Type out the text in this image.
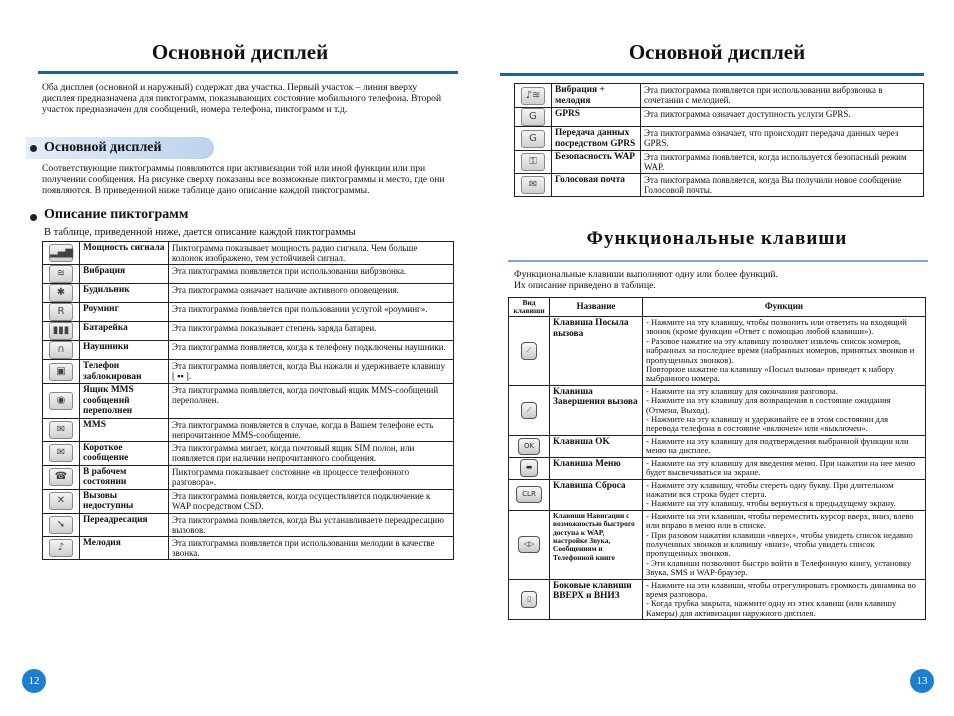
Основной дисплей
Оба дисплея (основной и наружный) содержат два участка. Первый участок – линия вверху дисплея предназначена для пиктограмм, показывающих состояние мобильного телефона. Второй участок предназначен для сообщений, номера телефона, пиктограмм и т.д.
Основной дисплей
Соответствующие пиктограммы появляются при активизации той или иной функции или при получении сообщения. На рисунке сверху показаны все возможные пиктограммы и место, где они появляются. В приведенной ниже таблице дано описание каждой пиктограммы.
Описание пиктограмм
В таблице, приведенной ниже, дается описание каждой пиктограммы
▂▄▆	Мощность сигнала	Пиктограмма показывает мощность радио сигнала. Чем больше колонок изображено, тем устойчивей сигнал.
≋	Вибрация	Эта пиктограмма появляется при использовании вибрзвонка.
✱	Будильник	Эта пиктограмма означает наличие активного оповещения.
R	Роуминг	Эта пиктограмма появляется при пользовании услугой «роуминг».
▮▮▮	Батарейка	Эта пиктограмма показывает степень заряда батареи.
∩	Наушники	Эта пиктограмма появляется, когда к телефону подключены наушники.
▣	Телефон заблокирован	Эта пиктограмма появляется, когда Вы нажали и удерживаете клавишу [ ▪▪ ].
◉	Ящик MMS сообщений переполнен	Эта пиктограмма появляется, когда почтовый ящик MMS-сообщений переполнен.
✉	MMS	Эта пиктограмма появляется в случае, когда в Вашем телефоне есть непрочитанное MMS-сообщение.
✉	Короткое сообщение	Эта пиктограмма мигает, когда почтовый ящик SIM полон, или появляется при наличии непрочитанного сообщения.
☎	В рабочем состоянии	Пиктограмма показывает состояние «в процессе телефонного разговора».
✕	Вызовы недоступны	Эта пиктограмма появляется, когда осуществляется подключение к WAP посредством CSD.
➘	Переадресация	Эта пиктограмма появляется, когда Вы устанавливаете переадресацию вызовов.
♪	Мелодия	Эта пиктограмма появляется при использовании мелодии в качестве звонка.
12
Основной дисплей
♪≋	Вибрация + мелодия	Эта пиктограмма появляется при использовании вибрзвонка в сочетании с мелодией.
G	GPRS	Эта пиктограмма означает доступность услуги GPRS.
G	Передача данных посредством GPRS	Эта пиктограмма означает, что происходит передача данных через GPRS.
⚿	Безопасность WAP	Эта пиктограмма появляется, когда используется безопасный режим WAP.
✉	Голосовая почта	Эта пиктограмма появляется, когда Вы получили новое сообщение Голосовой почты.
Функциональные клавиши
Функциональные клавиши выполняют одну или более функций.
Их описание приведено в таблице.
Вид клавиши	Название	Функции
⟋	Клавиша Посыла вызова	- Нажмите на эту клавишу, чтобы позвонить или ответить на входящий звонок (кроме функции «Ответ с помощью любой клавиши»).
- Разовое нажатие на эту клавишу позволяет извлечь список номеров, набранных за последнее время (набранных номеров, принятых звонков и пропущенных звонков).
Повторное нажатие на клавишу «Посыл вызова» приведет к набору выбранного номера.
⟋	Клавиша Завершения вызова	- Нажмите на эту клавишу для окончания разговора.
- Нажмите на эту клавишу для возвращения в состояние ожидания (Отмена, Выход).
- Нажмите на эту клавишу и удерживайте ее в этом состоянии для перевода телефона в состояние «включен» или «выключен».
OK	Клавиша OK	- Нажмите на эту клавишу для подтверждения выбранной функции или меню на дисплее.
▬	Клавиша Меню	- Нажмите на эту клавишу для введения меню. При нажатии на нее меню будет высвечиваться на экране.
CLR	Клавиша Сброса	- Нажмите эту клавишу, чтобы стереть одну букву. При длительном нажатии вся строка будет стерта.
- Нажмите на эту клавишу, чтобы вернуться к предыдущему экрану.
◁▷	Клавиши Навигации с возможностью быстрого доступа к WAP, настройке Звука, Сообщениям и Телефонной книге	- Нажмите на эти клавиши, чтобы переместить курсор вверх, вниз, влево или вправо в меню или в списке.
- При разовом нажатии клавиши «вверх», чтобы увидеть список недавно полученных звонков и клавишу «вниз», чтобы увидеть список пропущенных звонков.
- Эти клавиши позволяют быстро войти в Телефонную книгу, установку Звука, SMS и WAP-браузер.
▯	Боковые клавиши ВВЕРХ и ВНИЗ	- Нажмите на эти клавиши, чтобы отрегулировать громкость динамика во время разговора.
- Когда трубка закрыта, нажмите одну из этих клавиш (или клавишу Камеры) для активизации наружного дисплея.
13
